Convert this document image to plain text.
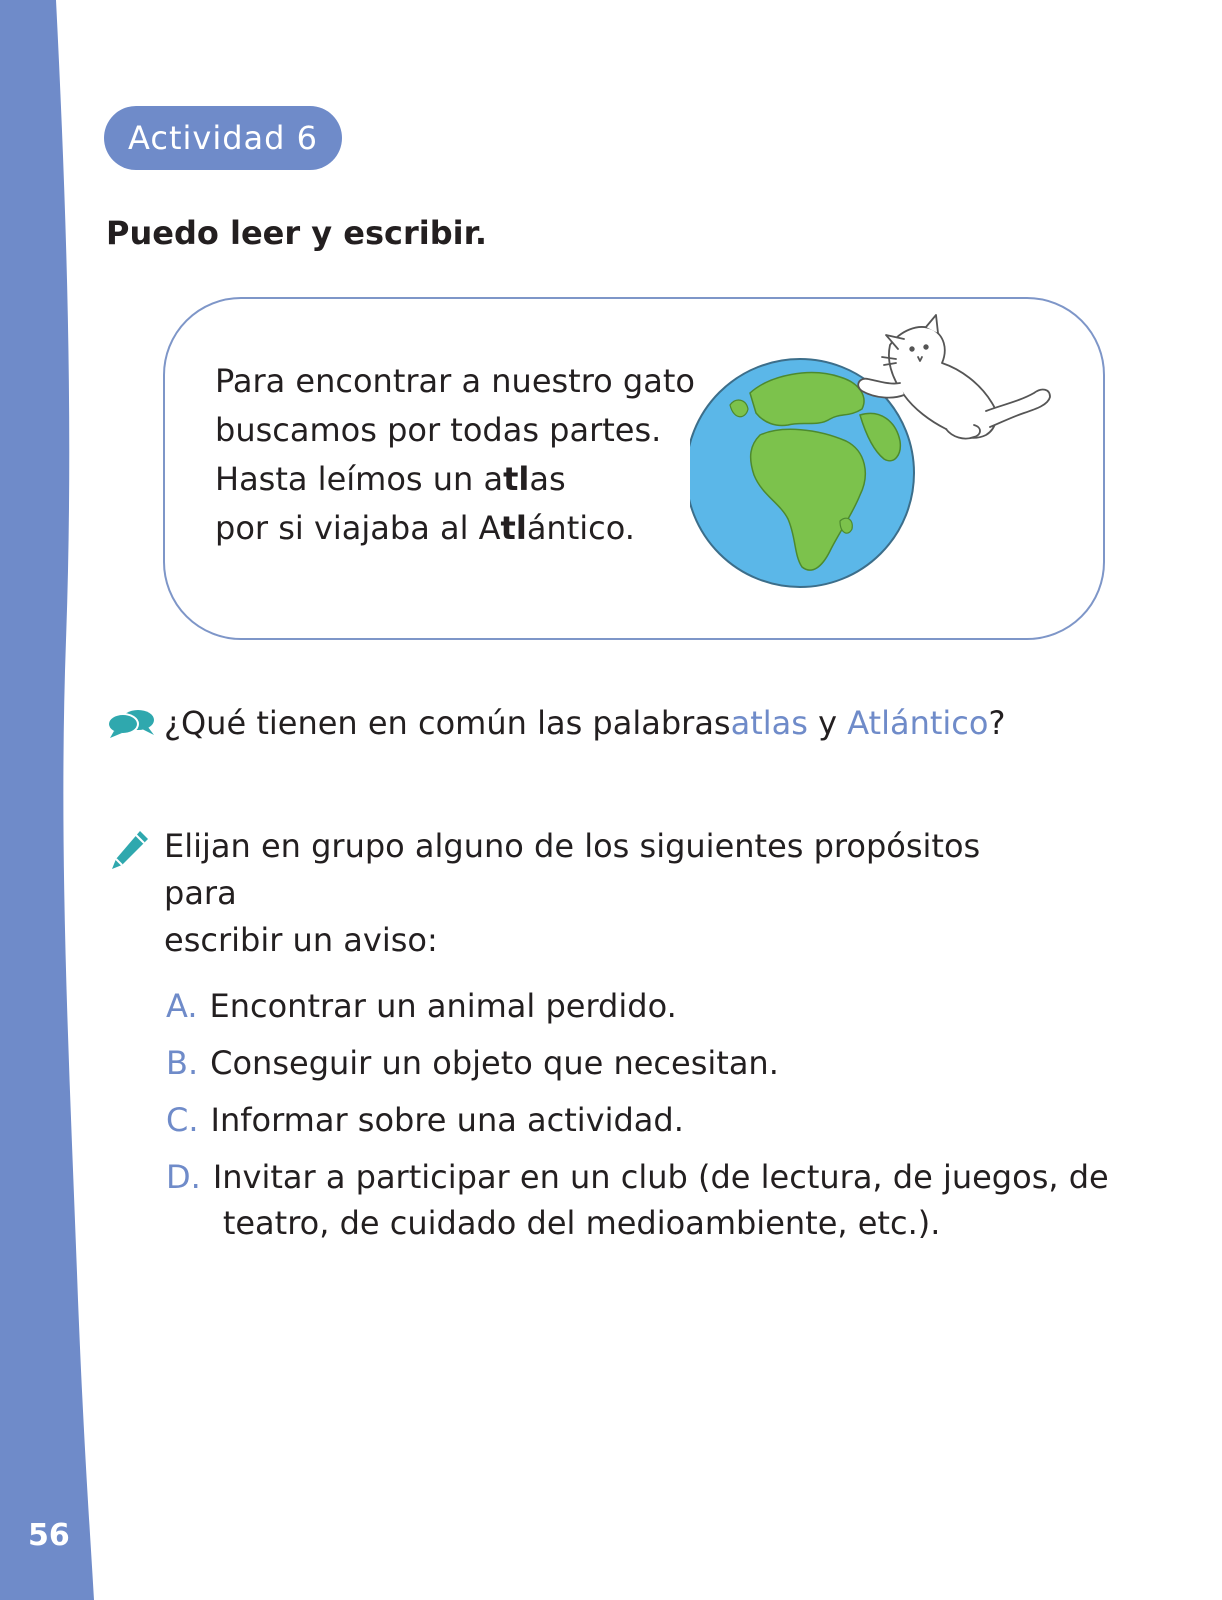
56
Actividad 6
Puedo leer y escribir.
Para encontrar a nuestro gato
buscamos por todas partes.
Hasta leímos un atlas
por si viajaba al Atlántico.
¿Qué tienen en común las palabras atlas y Atlántico ?
Elijan en grupo alguno de los siguientes propósitos para
escribir un aviso:
A. Encontrar un animal perdido.
B. Conseguir un objeto que necesitan.
C. Informar sobre una actividad.
D. Invitar a participar en un club (de lectura, de juegos, de
teatro, de cuidado del medioambiente, etc.).
